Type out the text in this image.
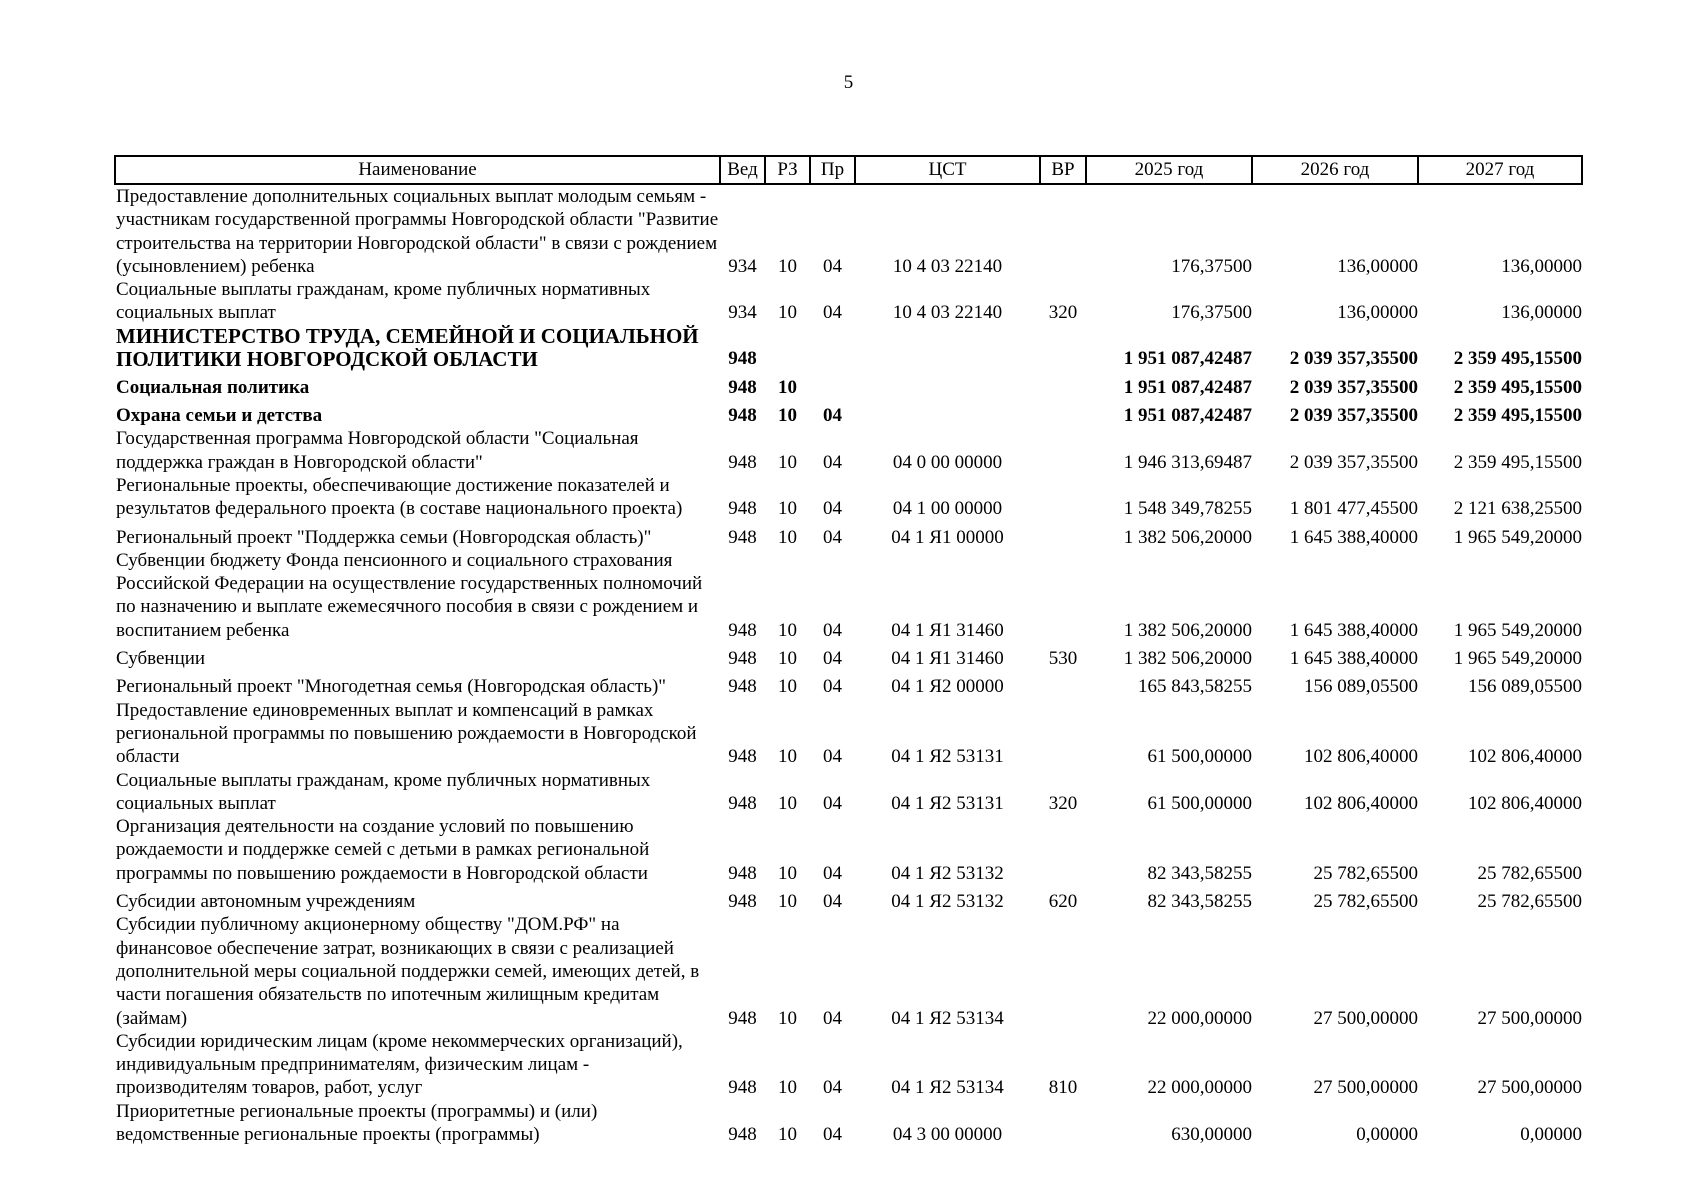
5
Наименование	Вед	РЗ	Пр	ЦСТ	ВР	2025 год	2026 год	2027 год
Предоставление дополнительных социальных выплат молодым семьям - участникам государственной программы Новгородской области "Развитие строительства на территории Новгородской области" в связи с рождением (усыновлением) ребенка	934	10	04	10 4 03 22140		176,37500	136,00000	136,00000
Социальные выплаты гражданам, кроме публичных нормативных социальных выплат	934	10	04	10 4 03 22140	320	176,37500	136,00000	136,00000
МИНИСТЕРСТВО ТРУДА, СЕМЕЙНОЙ И СОЦИАЛЬНОЙ ПОЛИТИКИ НОВГОРОДСКОЙ ОБЛАСТИ	948					1 951 087,42487	2 039 357,35500	2 359 495,15500
Социальная политика	948	10				1 951 087,42487	2 039 357,35500	2 359 495,15500
Охрана семьи и детства	948	10	04			1 951 087,42487	2 039 357,35500	2 359 495,15500
Государственная программа Новгородской области "Социальная поддержка граждан в Новгородской области"	948	10	04	04 0 00 00000		1 946 313,69487	2 039 357,35500	2 359 495,15500
Региональные проекты, обеспечивающие достижение показателей и результатов федерального проекта (в составе национального проекта)	948	10	04	04 1 00 00000		1 548 349,78255	1 801 477,45500	2 121 638,25500
Региональный проект "Поддержка семьи (Новгородская область)"	948	10	04	04 1 Я1 00000		1 382 506,20000	1 645 388,40000	1 965 549,20000
Субвенции бюджету Фонда пенсионного и социального страхования Российской Федерации на осуществление государственных полномочий по назначению и выплате ежемесячного пособия в связи с рождением и воспитанием ребенка	948	10	04	04 1 Я1 31460		1 382 506,20000	1 645 388,40000	1 965 549,20000
Субвенции	948	10	04	04 1 Я1 31460	530	1 382 506,20000	1 645 388,40000	1 965 549,20000
Региональный проект "Многодетная семья (Новгородская область)"	948	10	04	04 1 Я2 00000		165 843,58255	156 089,05500	156 089,05500
Предоставление единовременных выплат и компенсаций в рамках региональной программы по повышению рождаемости в Новгородской области	948	10	04	04 1 Я2 53131		61 500,00000	102 806,40000	102 806,40000
Социальные выплаты гражданам, кроме публичных нормативных социальных выплат	948	10	04	04 1 Я2 53131	320	61 500,00000	102 806,40000	102 806,40000
Организация деятельности на создание условий по повышению рождаемости и поддержке семей с детьми в рамках региональной программы по повышению рождаемости в Новгородской области	948	10	04	04 1 Я2 53132		82 343,58255	25 782,65500	25 782,65500
Субсидии автономным учреждениям	948	10	04	04 1 Я2 53132	620	82 343,58255	25 782,65500	25 782,65500
Субсидии публичному акционерному обществу "ДОМ.РФ" на финансовое обеспечение затрат, возникающих в связи с реализацией дополнительной меры социальной поддержки семей, имеющих детей, в части погашения обязательств по ипотечным жилищным кредитам (займам)	948	10	04	04 1 Я2 53134		22 000,00000	27 500,00000	27 500,00000
Субсидии юридическим лицам (кроме некоммерческих организаций), индивидуальным предпринимателям, физическим лицам - производителям товаров, работ, услуг	948	10	04	04 1 Я2 53134	810	22 000,00000	27 500,00000	27 500,00000
Приоритетные региональные проекты (программы) и (или) ведомственные региональные проекты (программы)	948	10	04	04 3 00 00000		630,00000	0,00000	0,00000
